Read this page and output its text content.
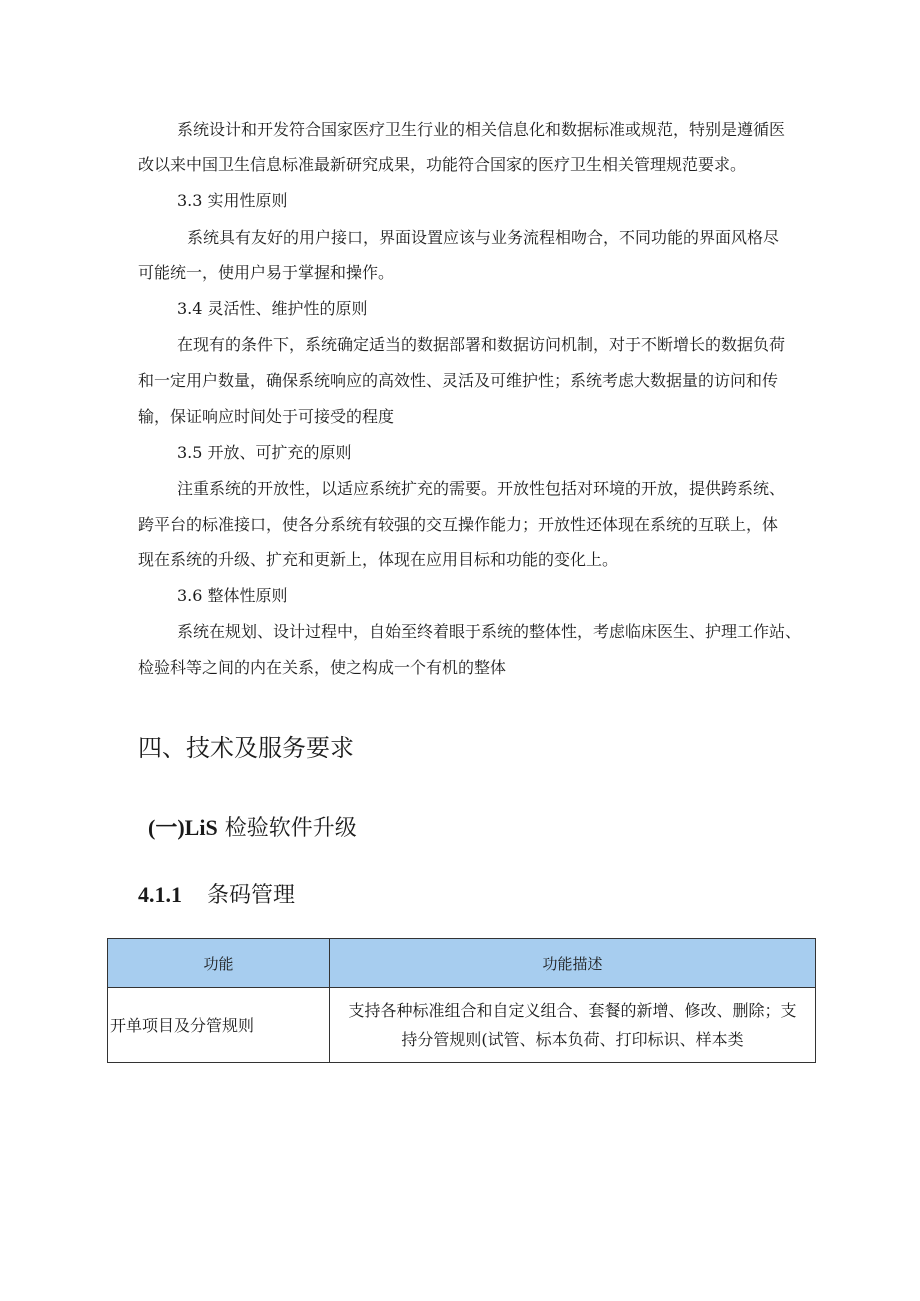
系统设计和开发符合国家医疗卫生行业的相关信息化和数据标准或规范，特别是遵循医
改以来中国卫生信息标准最新研究成果，功能符合国家的医疗卫生相关管理规范要求。
3.3 实用性原则
系统具有友好的用户接口，界面设置应该与业务流程相吻合，不同功能的界面风格尽
可能统一，使用户易于掌握和操作。
3.4 灵活性、维护性的原则
在现有的条件下，系统确定适当的数据部署和数据访问机制，对于不断增长的数据负荷
和一定用户数量，确保系统响应的高效性、灵活及可维护性；系统考虑大数据量的访问和传
输，保证响应时间处于可接受的程度
3.5 开放、可扩充的原则
注重系统的开放性，以适应系统扩充的需要。开放性包括对环境的开放，提供跨系统、
跨平台的标准接口，使各分系统有较强的交互操作能力；开放性还体现在系统的互联上，体
现在系统的升级、扩充和更新上，体现在应用目标和功能的变化上。
3.6 整体性原则
系统在规划、设计过程中，自始至终着眼于系统的整体性，考虑临床医生、护理工作站、
检验科等之间的内在关系，使之构成一个有机的整体
四、技术及服务要求
(一)LiS 检验软件升级
4.1.1 条码管理
功能	功能描述
开单项目及分管规则	支持各种标准组合和自定义组合、套餐的新增、修改、删除；支
持分管规则(试管、标本负荷、打印标识、样本类
